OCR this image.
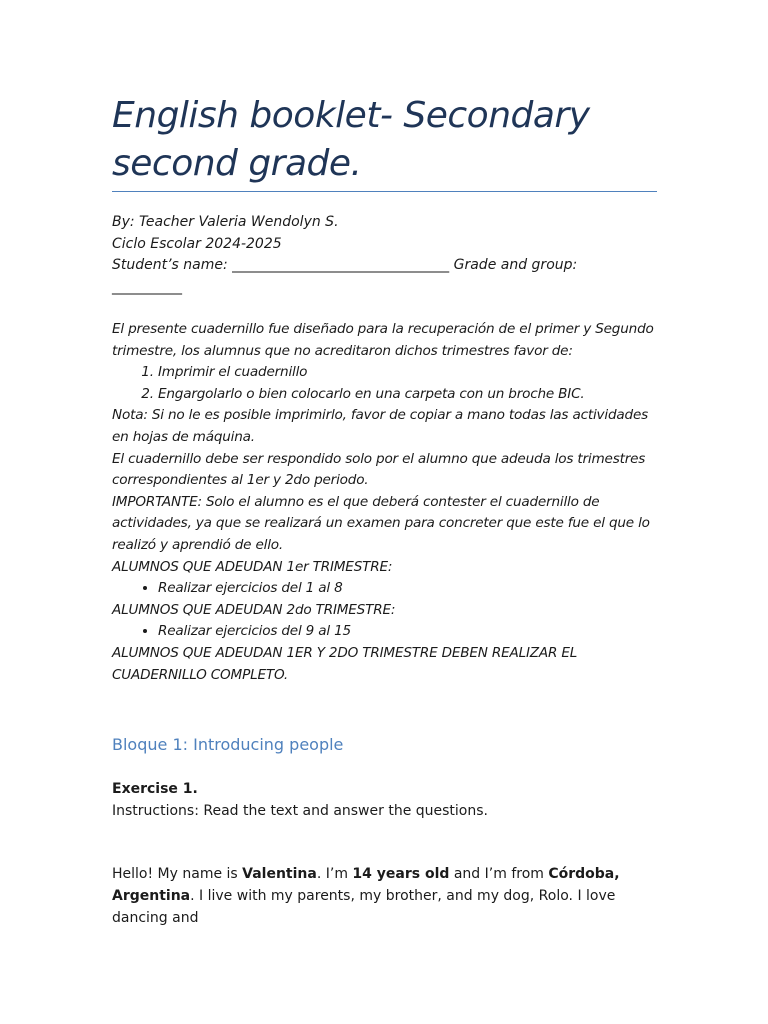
English booklet- Secondary second grade.
By: Teacher Valeria Wendolyn S.
Ciclo Escolar 2024-2025
Student’s name: _______________________________ Grade and group:
__________

El presente cuadernillo fue diseñado para la recuperación de el primer y Segundo trimestre, los alumnus que no acreditaron dichos trimestres favor de:

1. Imprimir el cuadernillo
2. Engargolarlo o bien colocarlo en una carpeta con un broche BIC.

Nota: Si no le es posible imprimirlo, favor de copiar a mano todas las actividades en hojas de máquina.

El cuadernillo debe ser respondido solo por el alumno que adeuda los trimestres correspondientes al 1er y 2do periodo.

IMPORTANTE: Solo el alumno es el que deberá contester el cuadernillo de actividades, ya que se realizará un examen para concreter que este fue el que lo realizó y aprendió de ello.

ALUMNOS QUE ADEUDAN 1er TRIMESTRE:

• Realizar ejercicios del 1 al 8

ALUMNOS QUE ADEUDAN 2do TRIMESTRE:

• Realizar ejercicios del 9 al 15

ALUMNOS QUE ADEUDAN 1ER Y 2DO TRIMESTRE DEBEN REALIZAR EL CUADERNILLO COMPLETO.

Bloque 1: Introducing people
Exercise 1.
Instructions: Read the text and answer the questions.

Hello! My name is Valentina. I’m 14 years old and I’m from Córdoba, Argentina. I live with my parents, my brother, and my dog, Rolo. I love dancing and
